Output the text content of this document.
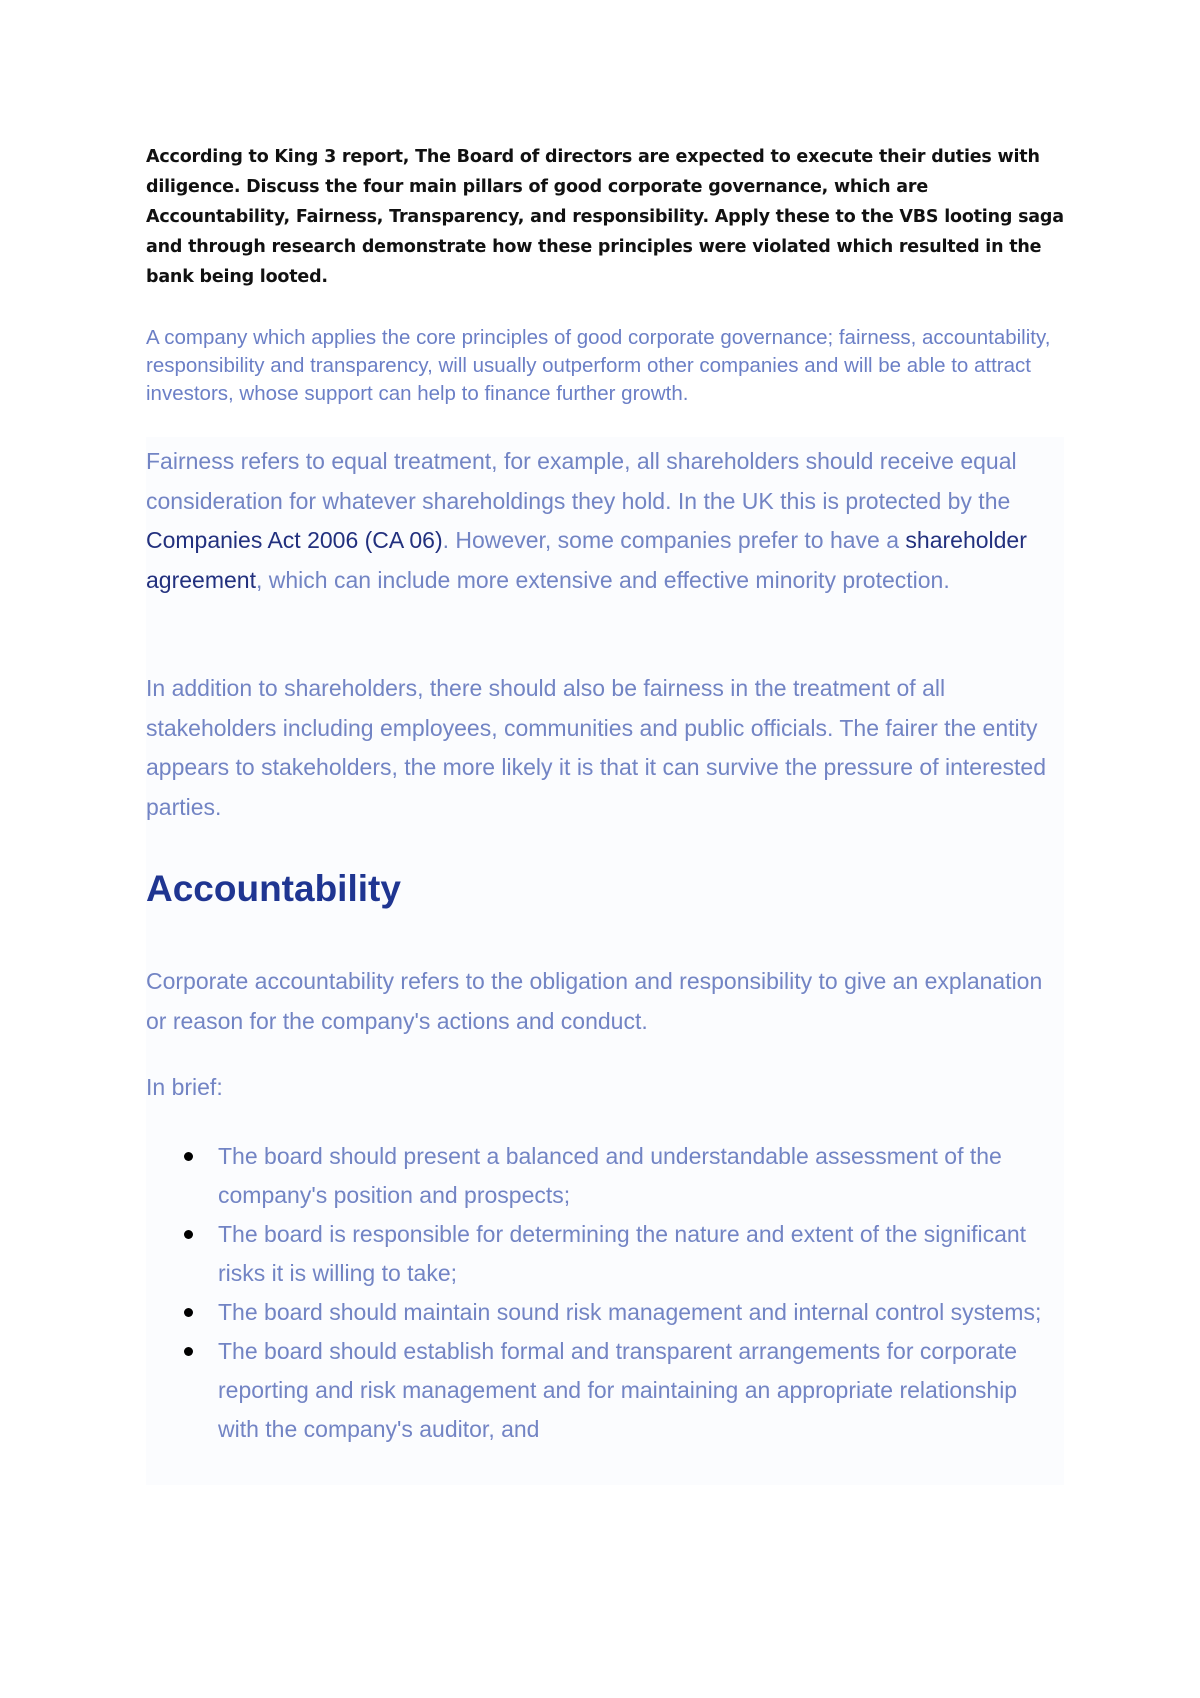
According to King 3 report, The Board of directors are expected to execute their duties with diligence. Discuss the four main pillars of good corporate governance, which are Accountability, Fairness, Transparency, and responsibility. Apply these to the VBS looting saga and through research demonstrate how these principles were violated which resulted in the bank being looted.

A company which applies the core principles of good corporate governance; fairness, accountability, responsibility and transparency, will usually outperform other companies and will be able to attract investors, whose support can help to finance further growth.

Fairness refers to equal treatment, for example, all shareholders should receive equal consideration for whatever shareholdings they hold. In the UK this is protected by the Companies Act 2006 (CA 06). However, some companies prefer to have a shareholder agreement, which can include more extensive and effective minority protection.

In addition to shareholders, there should also be fairness in the treatment of all stakeholders including employees, communities and public officials. The fairer the entity appears to stakeholders, the more likely it is that it can survive the pressure of interested parties.

Accountability

Corporate accountability refers to the obligation and responsibility to give an explanation or reason for the company's actions and conduct.

In brief:

The board should present a balanced and understandable assessment of the company's position and prospects;
The board is responsible for determining the nature and extent of the significant risks it is willing to take;
The board should maintain sound risk management and internal control systems;
The board should establish formal and transparent arrangements for corporate reporting and risk management and for maintaining an appropriate relationship with the company's auditor, and
